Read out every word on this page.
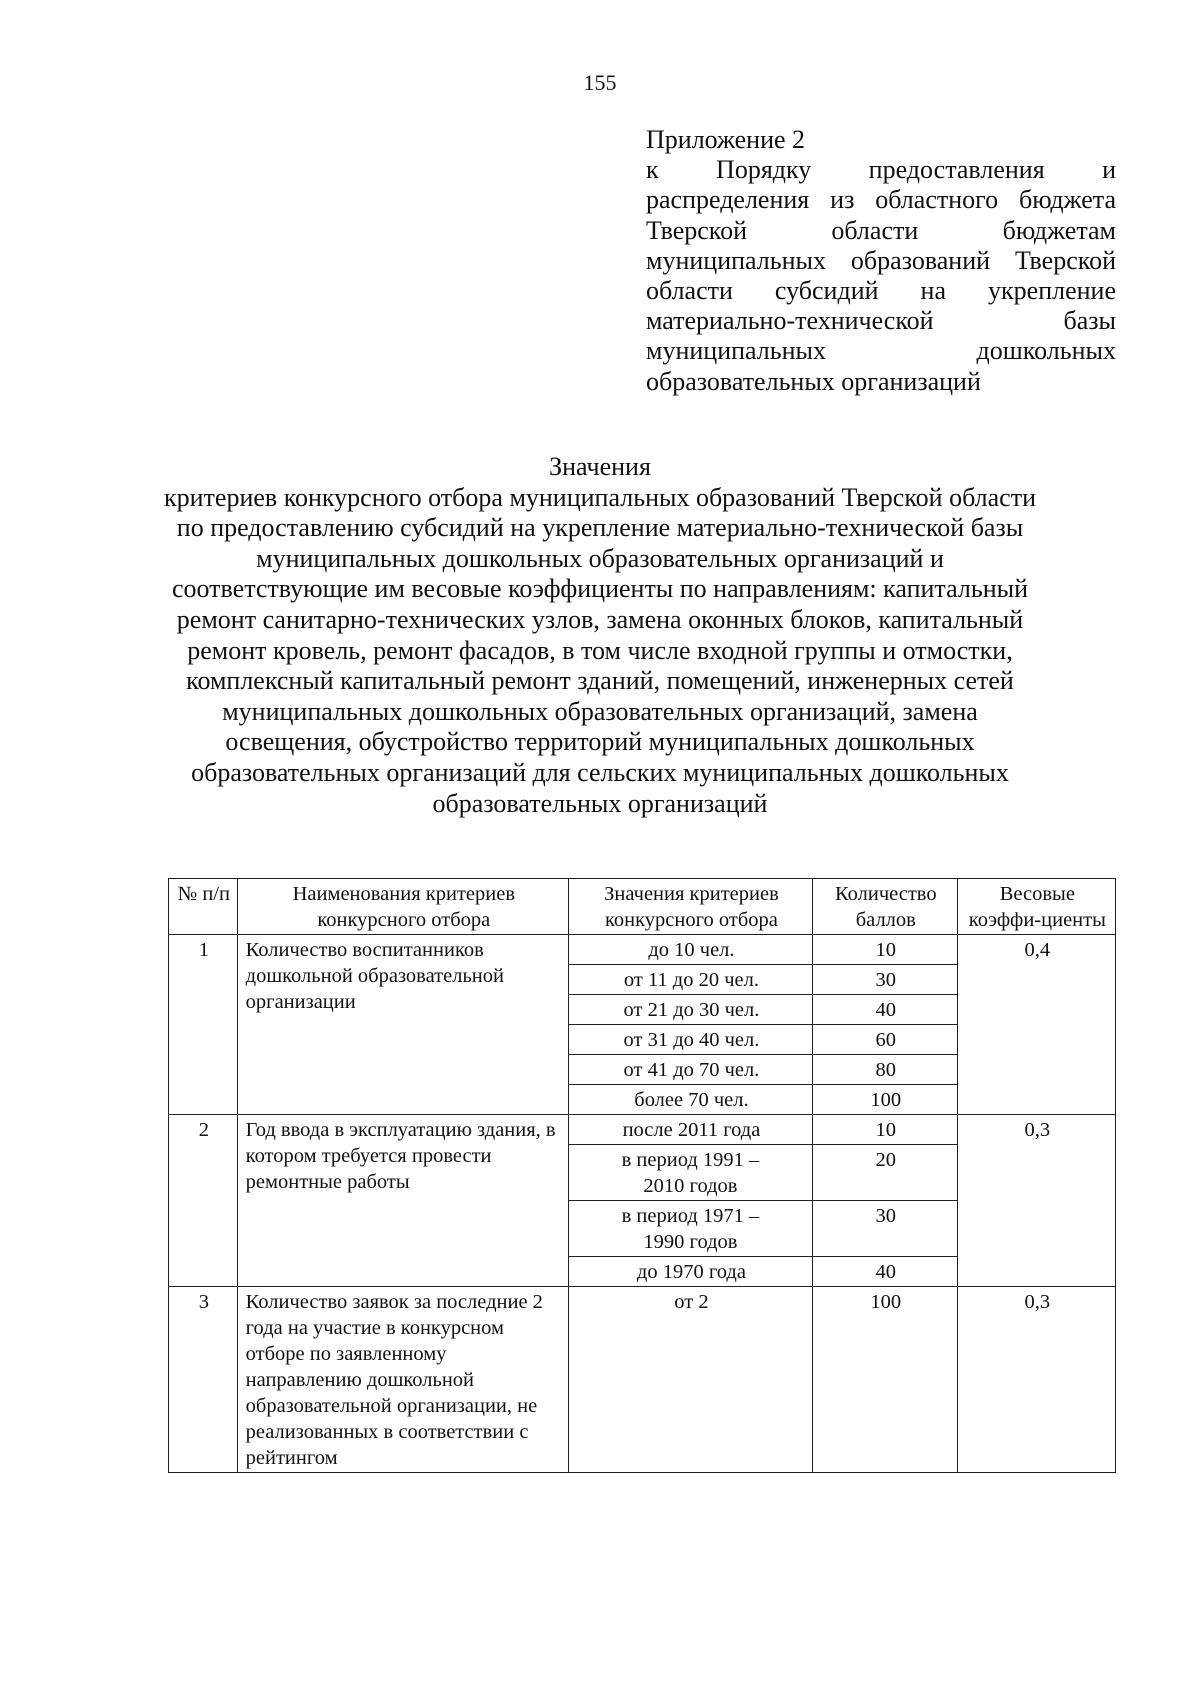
155
Приложение 2
к Порядку предоставления и распределения из областного бюджета Тверской области бюджетам муниципальных образований Тверской области субсидий на укрепление материально-технической базы муниципальных дошкольных образовательных организаций
Значения
критериев конкурсного отбора муниципальных образований Тверской области по предоставлению субсидий на укрепление материально-технической базы муниципальных дошкольных образовательных организаций и соответствующие им весовые коэффициенты по направлениям: капитальный ремонт санитарно-технических узлов, замена оконных блоков, капитальный ремонт кровель, ремонт фасадов, в том числе входной группы и отмостки, комплексный капитальный ремонт зданий, помещений, инженерных сетей муниципальных дошкольных образовательных организаций, замена освещения, обустройство территорий муниципальных дошкольных образовательных организаций для сельских муниципальных дошкольных образовательных организаций
№ п/п	Наименования критериев конкурсного отбора	Значения критериев конкурсного отбора	Количество баллов	Весовые коэффи-циенты
1	Количество воспитанников дошкольной образовательной организации	до 10 чел.	10	0,4
		от 11 до 20 чел.	30	
		от 21 до 30 чел.	40	
		от 31 до 40 чел.	60	
		от 41 до 70 чел.	80	
		более 70 чел.	100	
2	Год ввода в эксплуатацию здания, в котором требуется провести ремонтные работы	после 2011 года	10	0,3
		в период 1991 – 2010 годов	20	
		в период 1971 – 1990 годов	30	
		до 1970 года	40	
3	Количество заявок за последние 2 года на участие в конкурсном отборе по заявленному направлению дошкольной образовательной организации, не реализованных в соответствии с рейтингом	от 2	100	0,3
